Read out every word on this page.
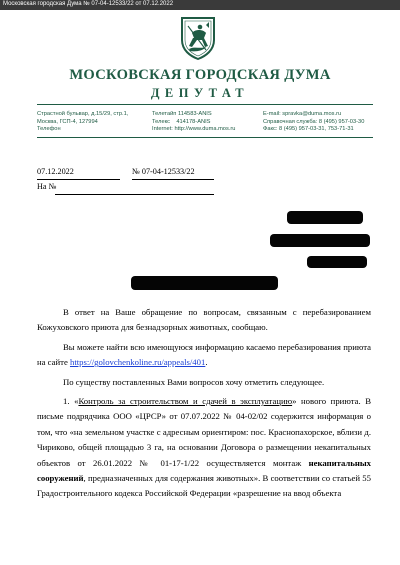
Московская городская Дума № 07-04-12533/22 от 07.12.2022
МОСКОВСКАЯ ГОРОДСКАЯ ДУМА
ДЕПУТАТ
Страстной бульвар, д.15/29, стр.1,
Москва, ГСП-4, 127994
Телефон
Телетайп 114583-ANIS
Телекс    414178-ANIS
Internet: http://www.duma.mos.ru
E-mail: spravka@duma.mos.ru
Справочная служба: 8 (495) 957-03-30
Факс: 8 (495) 957-03-31, 753-71-31
07.12.2022	№ 07-04-12533/22
На №

В ответ на Ваше обращение по вопросам, связанным с перебазированием Кожуховского приюта для безнадзорных животных, сообщаю.

Вы можете найти всю имеющуюся информацию касаемо перебазирования приюта на сайте https://golovchenkoline.ru/appeals/401.

По существу поставленных Вами вопросов хочу отметить следующее.

1. «Контроль за строительством и сдачей в эксплуатацию» нового приюта. В письме подрядчика ООО «ЦРСР» от 07.07.2022 № 04-02/02 содержится информация о том, что «на земельном участке с адресным ориентиром: пос. Краснопахорское, вблизи д. Чириково, общей площадью 3 га, на основании Договора о размещении некапитальных объектов от 26.01.2022 № 01-17-1/22 осуществляется монтаж некапитальных сооружений, предназначенных для содержания животных». В соответствии со статьей 55 Градостроительного кодекса Российской Федерации «разрешение на ввод объекта
